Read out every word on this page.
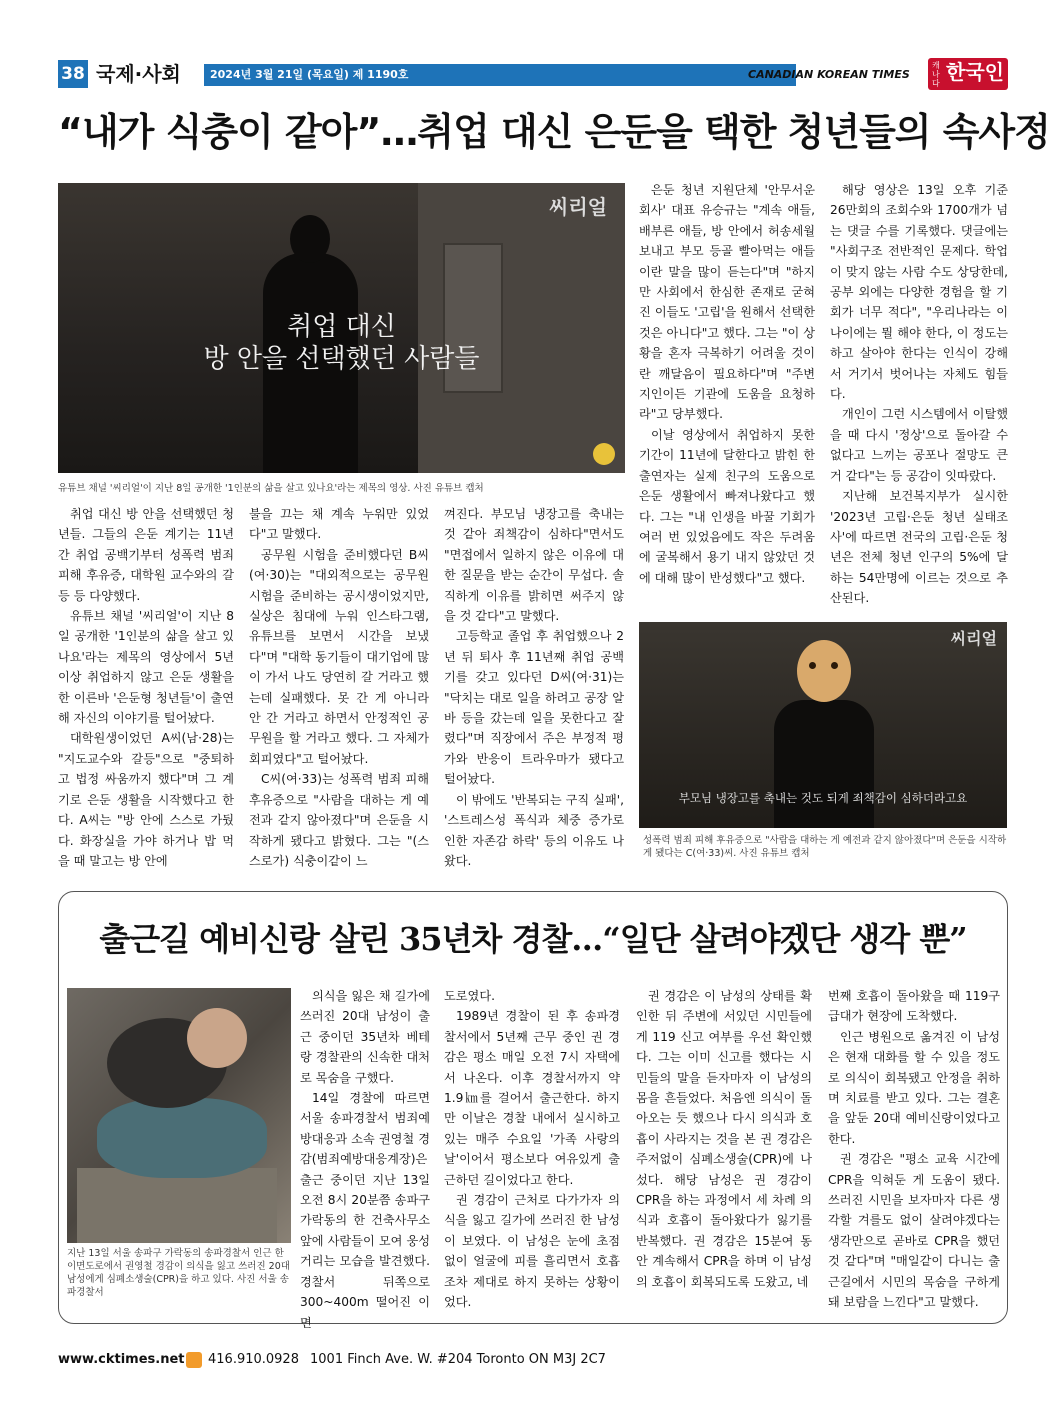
38 국제·사회	2024년 3월 21일 (목요일) 제 1190호	CANADIAN KOREAN TIMES
캐나다 한국인
“내가 식충이 같아”…취업 대신 은둔을 택한 청년들의 속사정
씨리얼
취업 대신
방 안을 선택했던 사람들
유튜브 채널 '씨리얼'이 지난 8일 공개한 '1인분의 삶을 살고 있나요'라는 제목의 영상. 사진 유튜브 캡처

취업 대신 방 안을 선택했던 청년들. 그들의 은둔 계기는 11년간 취업 공백기부터 성폭력 범죄 피해 후유증, 대학원 교수와의 갈등 등 다양했다.

유튜브 채널 '씨리얼'이 지난 8일 공개한 '1인분의 삶을 살고 있나요'라는 제목의 영상에서 5년 이상 취업하지 않고 은둔 생활을 한 이른바 '은둔형 청년들'이 출연해 자신의 이야기를 털어놨다.

대학원생이었던 A씨(남·28)는 "지도교수와 갈등"으로 "중퇴하고 법정 싸움까지 했다"며 그 계기로 은둔 생활을 시작했다고 한다. A씨는 "방 안에 스스로 가뒀다. 화장실을 가야 하거나 밥 먹을 때 말고는 방 안에

불을 끄는 채 계속 누워만 있었다"고 말했다.

공무원 시험을 준비했다던 B씨(여·30)는 "대외적으로는 공무원 시험을 준비하는 공시생이었지만, 실상은 침대에 누워 인스타그램, 유튜브를 보면서 시간을 보냈다"며 "대학 동기들이 대기업에 많이 가서 나도 당연히 갈 거라고 했는데 실패했다. 못 간 게 아니라 안 간 거라고 하면서 안정적인 공무원을 할 거라고 했다. 그 자체가 회피였다"고 털어놨다.

C씨(여·33)는 성폭력 범죄 피해 후유증으로 "사람을 대하는 게 예전과 같지 않아졌다"며 은둔을 시작하게 됐다고 밝혔다. 그는 "(스스로가) 식충이같이 느

껴진다. 부모님 냉장고를 축내는 것 같아 죄책감이 심하다"면서도 "면접에서 일하지 않은 이유에 대한 질문을 받는 순간이 무섭다. 솔직하게 이유를 밝히면 써주지 않을 것 같다"고 말했다.

고등학교 졸업 후 취업했으나 2년 뒤 퇴사 후 11년째 취업 공백기를 갖고 있다던 D씨(여·31)는 "닥치는 대로 일을 하려고 공장 알바 등을 갔는데 일을 못한다고 잘렸다"며 직장에서 주은 부정적 평가와 반응이 트라우마가 됐다고 털어놨다.

이 밖에도 '반복되는 구직 실패', '스트레스성 폭식과 체중 증가로 인한 자존감 하락' 등의 이유도 나왔다.

은둔 청년 지원단체 '안무서운회사' 대표 유승규는 "계속 애들, 배부른 애들, 방 안에서 허송세월 보내고 부모 등골 빨아먹는 애들이란 말을 많이 듣는다"며 "하지만 사회에서 한심한 존재로 굳혀진 이들도 '고립'을 원해서 선택한 것은 아니다"고 했다. 그는 "이 상황을 혼자 극복하기 어려울 것이란 깨달음이 필요하다"며 "주변 지인이든 기관에 도움을 요청하라"고 당부했다.

이날 영상에서 취업하지 못한 기간이 11년에 달한다고 밝힌 한 출연자는 실제 친구의 도움으로 은둔 생활에서 빠져나왔다고 했다. 그는 "내 인생을 바꿀 기회가 여러 번 있었음에도 작은 두려움에 굴복해서 용기 내지 않았던 것에 대해 많이 반성했다"고 했다.

해당 영상은 13일 오후 기준 26만회의 조회수와 1700개가 넘는 댓글 수를 기록했다. 댓글에는 "사회구조 전반적인 문제다. 학업이 맞지 않는 사람 수도 상당한데, 공부 외에는 다양한 경험을 할 기회가 너무 적다", "우리나라는 이 나이에는 뭘 해야 한다, 이 정도는 하고 살아야 한다는 인식이 강해서 거기서 벗어나는 자체도 힘들다.

개인이 그런 시스템에서 이탈했을 때 다시 '정상'으로 돌아갈 수 없다고 느끼는 공포나 절망도 큰 거 같다"는 등 공감이 잇따랐다.

지난해 보건복지부가 실시한 '2023년 고립·은둔 청년 실태조사'에 따르면 전국의 고립·은둔 청년은 전체 청년 인구의 5%에 달하는 54만명에 이르는 것으로 추산된다.

씨리얼
부모님 냉장고를 축내는 것도 되게 죄책감이 심하더라고요
성폭력 범죄 피해 후유증으로 "사람을 대하는 게 예전과 같지 않아졌다"며 은둔을 시작하게 됐다는 C(여·33)씨. 사진 유튜브 캡처
출근길 예비신랑 살린 35년차 경찰…“일단 살려야겠단 생각 뿐”
지난 13일 서울 송파구 가락동의 송파경찰서 인근 한 이면도로에서 권영철 경감이 의식을 잃고 쓰러진 20대 남성에게 심폐소생술(CPR)을 하고 있다. 사진 서울 송파경찰서

의식을 잃은 채 길가에 쓰러진 20대 남성이 출근 중이던 35년차 베테랑 경찰관의 신속한 대처로 목숨을 구했다.

14일 경찰에 따르면 서울 송파경찰서 범죄예방대응과 소속 권영철 경감(범죄예방대응계장)은 출근 중이던 지난 13일 오전 8시 20분쯤 송파구 가락동의 한 건축사무소 앞에 사람들이 모여 웅성거리는 모습을 발견했다. 경찰서 뒤쪽으로 300~400m 떨어진 이면

도로였다.

1989년 경찰이 된 후 송파경찰서에서 5년째 근무 중인 권 경감은 평소 매일 오전 7시 자택에서 나온다. 이후 경찰서까지 약 1.9㎞를 걸어서 출근한다. 하지만 이날은 경찰 내에서 실시하고 있는 매주 수요일 '가족 사랑의 날'이어서 평소보다 여유있게 출근하던 길이었다고 한다.

권 경감이 근처로 다가가자 의식을 잃고 길가에 쓰러진 한 남성이 보였다. 이 남성은 눈에 초점 없이 얼굴에 피를 흘리면서 호흡조차 제대로 하지 못하는 상황이었다.

권 경감은 이 남성의 상태를 확인한 뒤 주변에 서있던 시민들에게 119 신고 여부를 우선 확인했다. 그는 이미 신고를 했다는 시민들의 말을 듣자마자 이 남성의 몸을 흔들었다. 처음엔 의식이 돌아오는 듯 했으나 다시 의식과 호흡이 사라지는 것을 본 권 경감은 주저없이 심폐소생술(CPR)에 나섰다. 해당 남성은 권 경감이 CPR을 하는 과정에서 세 차례 의식과 호흡이 돌아왔다가 잃기를 반복했다. 권 경감은 15분여 동안 계속해서 CPR을 하며 이 남성의 호흡이 회복되도록 도왔고, 네

번째 호흡이 돌아왔을 때 119구급대가 현장에 도착했다.

인근 병원으로 옮겨진 이 남성은 현재 대화를 할 수 있을 정도로 의식이 회복됐고 안정을 취하며 치료를 받고 있다. 그는 결혼을 앞둔 20대 예비신랑이었다고 한다.

권 경감은 "평소 교육 시간에 CPR을 익혀둔 게 도움이 됐다. 쓰러진 시민을 보자마자 다른 생각할 겨를도 없이 살려야겠다는 생각만으로 곧바로 CPR을 했던 것 같다"며 "매일같이 다니는 출근길에서 시민의 목숨을 구하게 돼 보람을 느낀다"고 말했다.

www.cktimes.net 416.910.0928 1001 Finch Ave. W. #204 Toronto ON M3J 2C7
